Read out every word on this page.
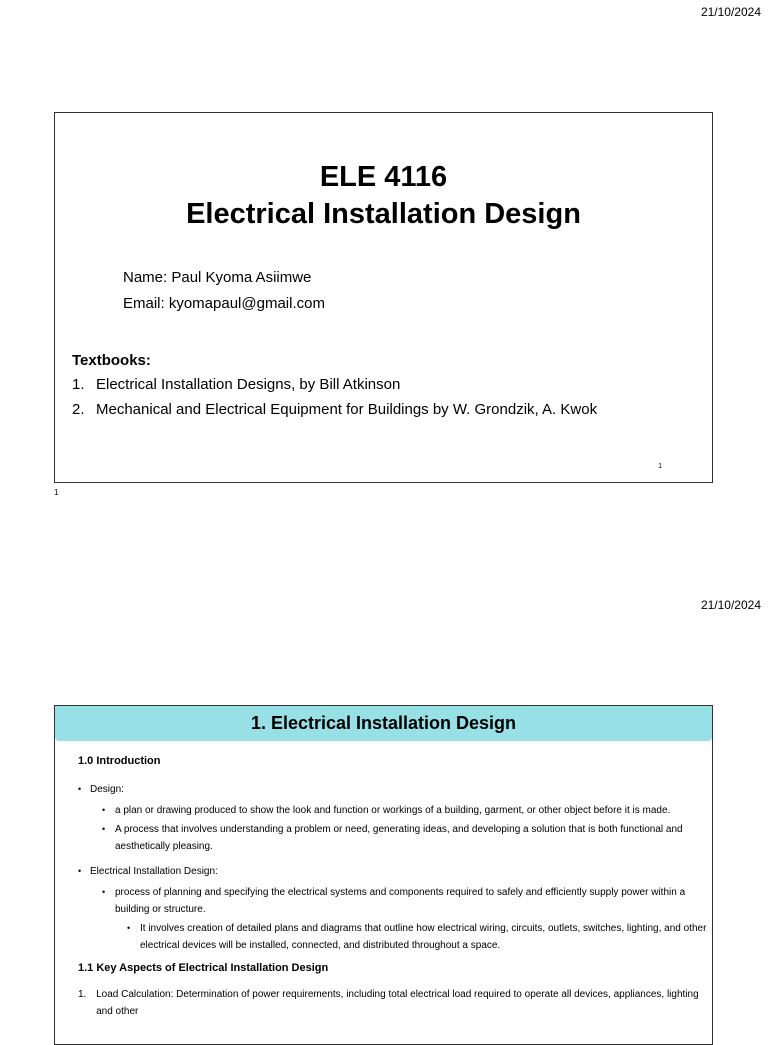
21/10/2024
ELE 4116
Electrical Installation Design
Name: Paul Kyoma Asiimwe
Email: kyomapaul@gmail.com
Textbooks:
1. Electrical Installation Designs, by Bill Atkinson
2. Mechanical and Electrical Equipment for Buildings by W. Grondzik, A. Kwok
1
1
21/10/2024
1. Electrical Installation Design
1.0 Introduction
• Design:
• a plan or drawing produced to show the look and function or workings of a building, garment, or other object before it is made.
• A process that involves understanding a problem or need, generating ideas, and developing a solution that is both functional and aesthetically pleasing.
• Electrical Installation Design:
• process of planning and specifying the electrical systems and components required to safely and efficiently supply power within a building or structure.
• It involves creation of detailed plans and diagrams that outline how electrical wiring, circuits, outlets, switches, lighting, and other electrical devices will be installed, connected, and distributed throughout a space.
1.1 Key Aspects of Electrical Installation Design
1. Load Calculation: Determination of power requirements, including total electrical load required to operate all devices, appliances, lighting and other
